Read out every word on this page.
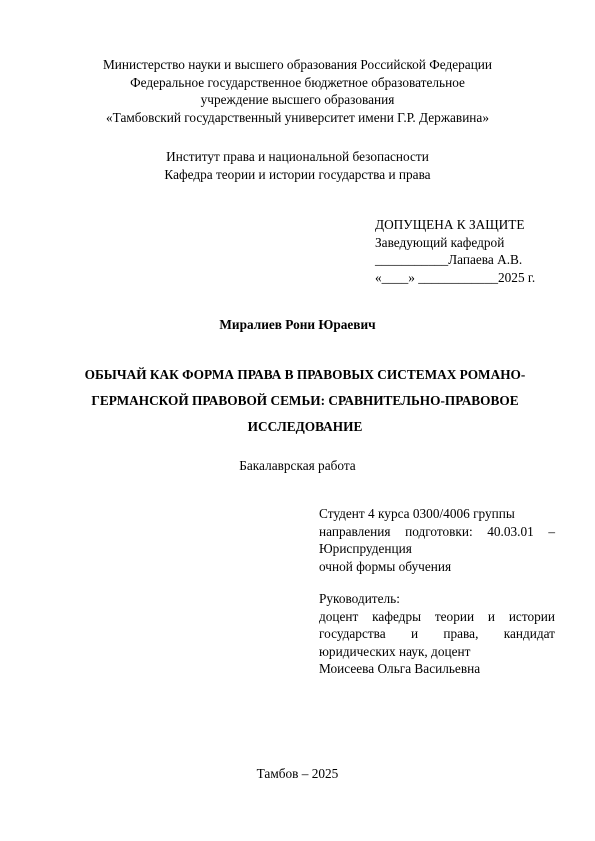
Министерство науки и высшего образования Российской Федерации
Федеральное государственное бюджетное образовательное
учреждение высшего образования
«Тамбовский государственный университет имени Г.Р. Державина»
Институт права и национальной безопасности
Кафедра теории и истории государства и права
ДОПУЩЕНА К ЗАЩИТЕ
Заведующий кафедрой
___________Лапаева А.В.
«____» ____________2025 г.
Миралиев Рони Юраевич
ОБЫЧАЙ КАК ФОРМА ПРАВА В ПРАВОВЫХ СИСТЕМАХ РОМАНО-
ГЕРМАНСКОЙ ПРАВОВОЙ СЕМЬИ: СРАВНИТЕЛЬНО-ПРАВОВОЕ
ИССЛЕДОВАНИЕ
Бакалаврская работа
Студент 4 курса 0300/4006 группы
направления подготовки: 40.03.01 –
Юриспруденция
очной формы обучения
Руководитель:
доцент кафедры теории и истории
государства и права, кандидат
юридических наук, доцент
Моисеева Ольга Васильевна
Тамбов – 2025
